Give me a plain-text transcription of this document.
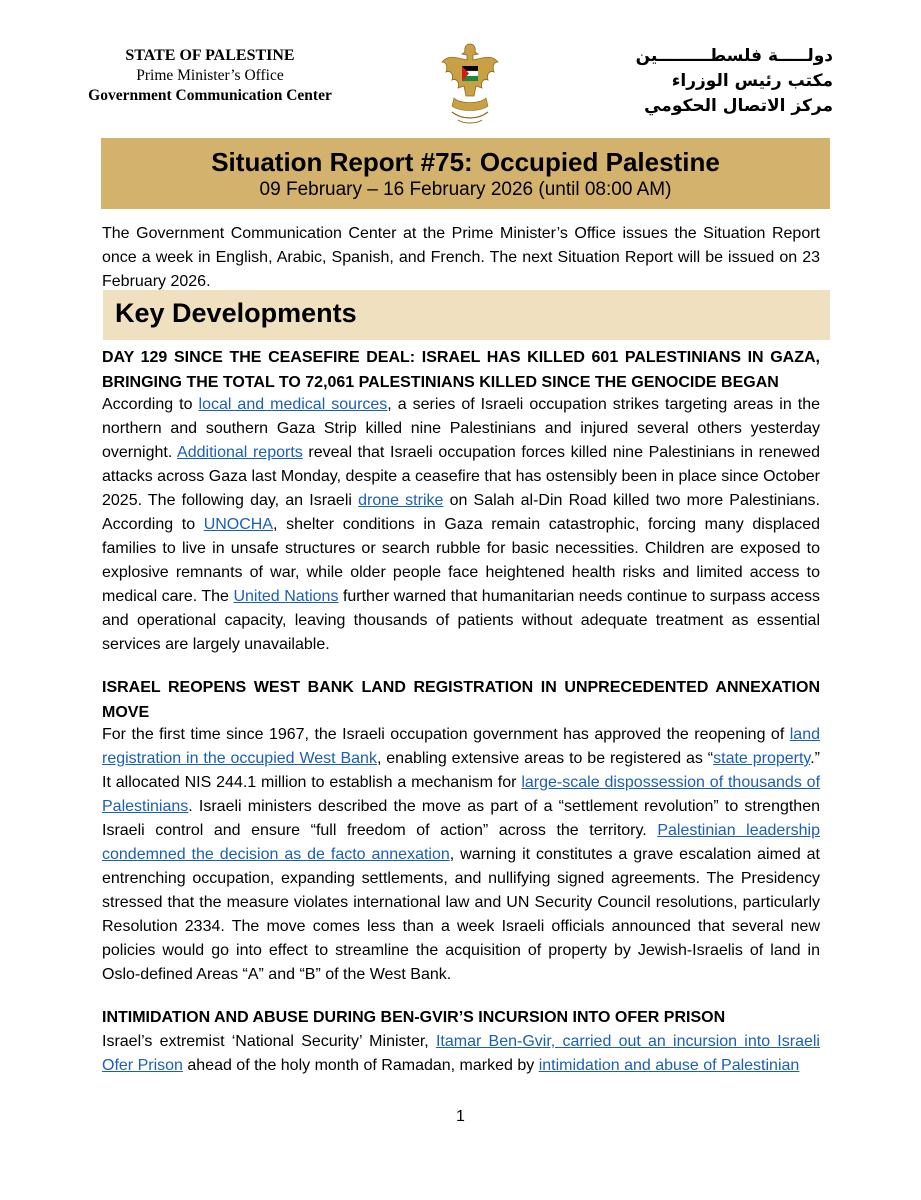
STATE OF PALESTINE
Prime Minister’s Office
Government Communication Center
دولـــــة فلسطـــــــــين
مكتب رئيس الوزراء
مركز الاتصال الحكومي
Situation Report #75: Occupied Palestine
09 February – 16 February 2026 (until 08:00 AM)
The Government Communication Center at the Prime Minister’s Office issues the Situation Report once a week in English, Arabic, Spanish, and French. The next Situation Report will be issued on 23 February 2026.
Key Developments
DAY 129 SINCE THE CEASEFIRE DEAL: ISRAEL HAS KILLED 601 PALESTINIANS IN GAZA, BRINGING THE TOTAL TO 72,061 PALESTINIANS KILLED SINCE THE GENOCIDE BEGAN
According to local and medical sources, a series of Israeli occupation strikes targeting areas in the northern and southern Gaza Strip killed nine Palestinians and injured several others yesterday overnight. Additional reports reveal that Israeli occupation forces killed nine Palestinians in renewed attacks across Gaza last Monday, despite a ceasefire that has ostensibly been in place since October 2025. The following day, an Israeli drone strike on Salah al-Din Road killed two more Palestinians. According to UNOCHA, shelter conditions in Gaza remain catastrophic, forcing many displaced families to live in unsafe structures or search rubble for basic necessities. Children are exposed to explosive remnants of war, while older people face heightened health risks and limited access to medical care. The United Nations further warned that humanitarian needs continue to surpass access and operational capacity, leaving thousands of patients without adequate treatment as essential services are largely unavailable.
ISRAEL REOPENS WEST BANK LAND REGISTRATION IN UNPRECEDENTED ANNEXATION MOVE
For the first time since 1967, the Israeli occupation government has approved the reopening of land registration in the occupied West Bank, enabling extensive areas to be registered as “state property.” It allocated NIS 244.1 million to establish a mechanism for large-scale dispossession of thousands of Palestinians. Israeli ministers described the move as part of a “settlement revolution” to strengthen Israeli control and ensure “full freedom of action” across the territory. Palestinian leadership condemned the decision as de facto annexation, warning it constitutes a grave escalation aimed at entrenching occupation, expanding settlements, and nullifying signed agreements. The Presidency stressed that the measure violates international law and UN Security Council resolutions, particularly Resolution 2334. The move comes less than a week Israeli officials announced that several new policies would go into effect to streamline the acquisition of property by Jewish-Israelis of land in Oslo-defined Areas “A” and “B” of the West Bank.
INTIMIDATION AND ABUSE DURING BEN-GVIR’S INCURSION INTO OFER PRISON
Israel’s extremist ‘National Security’ Minister, Itamar Ben-Gvir, carried out an incursion into Israeli Ofer Prison ahead of the holy month of Ramadan, marked by intimidation and abuse of Palestinian
1
